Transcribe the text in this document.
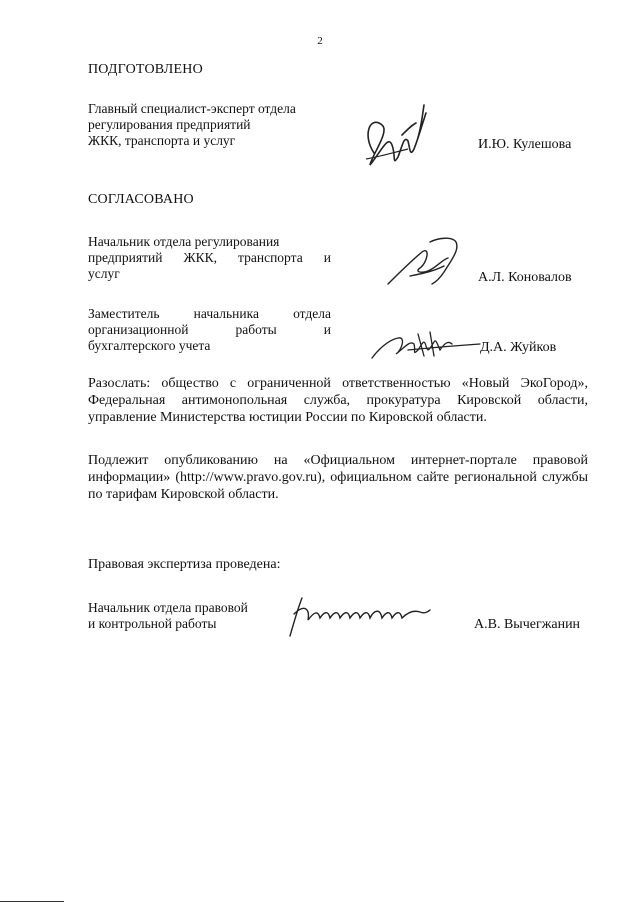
2
ПОДГОТОВЛЕНО
Главный специалист-эксперт отдела
регулирования предприятий
ЖКК, транспорта и услуг	И.Ю. Кулешова
СОГЛАСОВАНО
Начальник отдела регулирования
предприятий ЖКК, транспорта и
услуг	А.Л. Коновалов
Заместитель начальника отдела
организационной работы и
бухгалтерского учета	Д.А. Жуйков
Разослать: общество с ограниченной ответственностью «Новый ЭкоГород», Федеральная антимонопольная служба, прокуратура Кировской области, управление Министерства юстиции России по Кировской области.
Подлежит опубликованию на «Официальном интернет-портале правовой информации» (http://www.pravo.gov.ru), официальном сайте региональной службы по тарифам Кировской области.
Правовая экспертиза проведена:
Начальник отдела правовой
и контрольной работы	А.В. Вычегжанин
